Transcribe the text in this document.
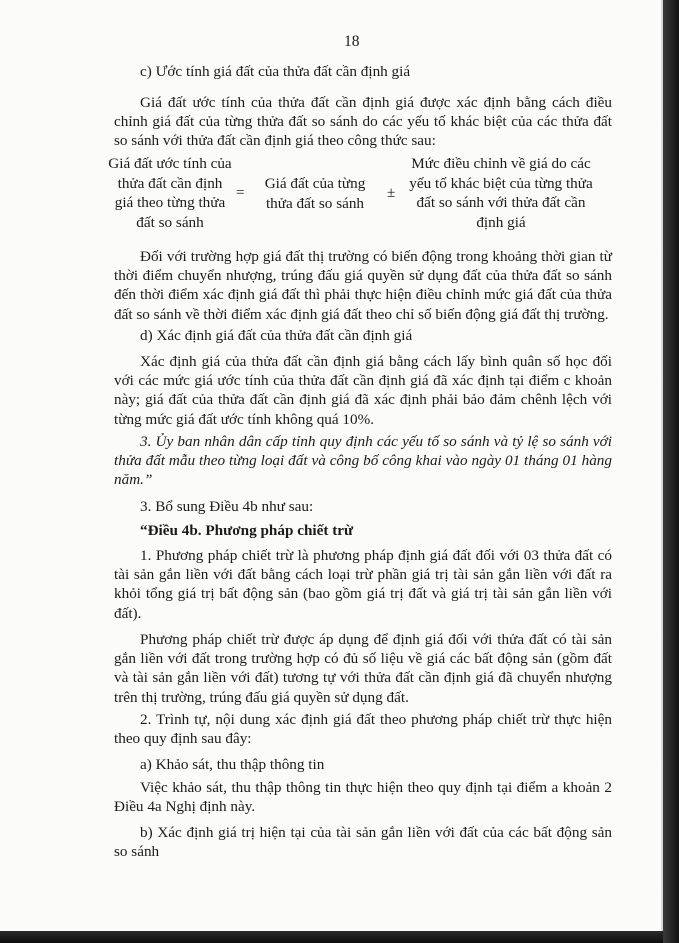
18

c) Ước tính giá đất của thửa đất cần định giá

Giá đất ước tính của thửa đất cần định giá được xác định bằng cách điều chỉnh giá đất của từng thửa đất so sánh do các yếu tố khác biệt của các thửa đất so sánh với thửa đất cần định giá theo công thức sau:

Giá đất ước tính của thửa đất cần định giá theo từng thửa đất so sánh
=
Giá đất của từng thửa đất so sánh
±
Mức điều chỉnh về giá do các yếu tố khác biệt của từng thửa đất so sánh với thửa đất cần định giá

Đối với trường hợp giá đất thị trường có biến động trong khoảng thời gian từ thời điểm chuyển nhượng, trúng đấu giá quyền sử dụng đất của thửa đất so sánh đến thời điểm xác định giá đất thì phải thực hiện điều chỉnh mức giá đất của thửa đất so sánh về thời điểm xác định giá đất theo chỉ số biến động giá đất thị trường.

d) Xác định giá đất của thửa đất cần định giá

Xác định giá của thửa đất cần định giá bằng cách lấy bình quân số học đối với các mức giá ước tính của thửa đất cần định giá đã xác định tại điểm c khoản này; giá đất của thửa đất cần định giá đã xác định phải bảo đảm chênh lệch với từng mức giá đất ước tính không quá 10%.

3. Ủy ban nhân dân cấp tỉnh quy định các yếu tố so sánh và tỷ lệ so sánh với thửa đất mẫu theo từng loại đất và công bố công khai vào ngày 01 tháng 01 hàng năm.”

3. Bổ sung Điều 4b như sau:

“Điều 4b. Phương pháp chiết trừ

1. Phương pháp chiết trừ là phương pháp định giá đất đối với 03 thửa đất có tài sản gắn liền với đất bằng cách loại trừ phần giá trị tài sản gắn liền với đất ra khỏi tổng giá trị bất động sản (bao gồm giá trị đất và giá trị tài sản gắn liền với đất).

Phương pháp chiết trừ được áp dụng để định giá đối với thửa đất có tài sản gắn liền với đất trong trường hợp có đủ số liệu về giá các bất động sản (gồm đất và tài sản gắn liền với đất) tương tự với thửa đất cần định giá đã chuyển nhượng trên thị trường, trúng đấu giá quyền sử dụng đất.

2. Trình tự, nội dung xác định giá đất theo phương pháp chiết trừ thực hiện theo quy định sau đây:

a) Khảo sát, thu thập thông tin

Việc khảo sát, thu thập thông tin thực hiện theo quy định tại điểm a khoản 2 Điều 4a Nghị định này.

b) Xác định giá trị hiện tại của tài sản gắn liền với đất của các bất động sản so sánh
